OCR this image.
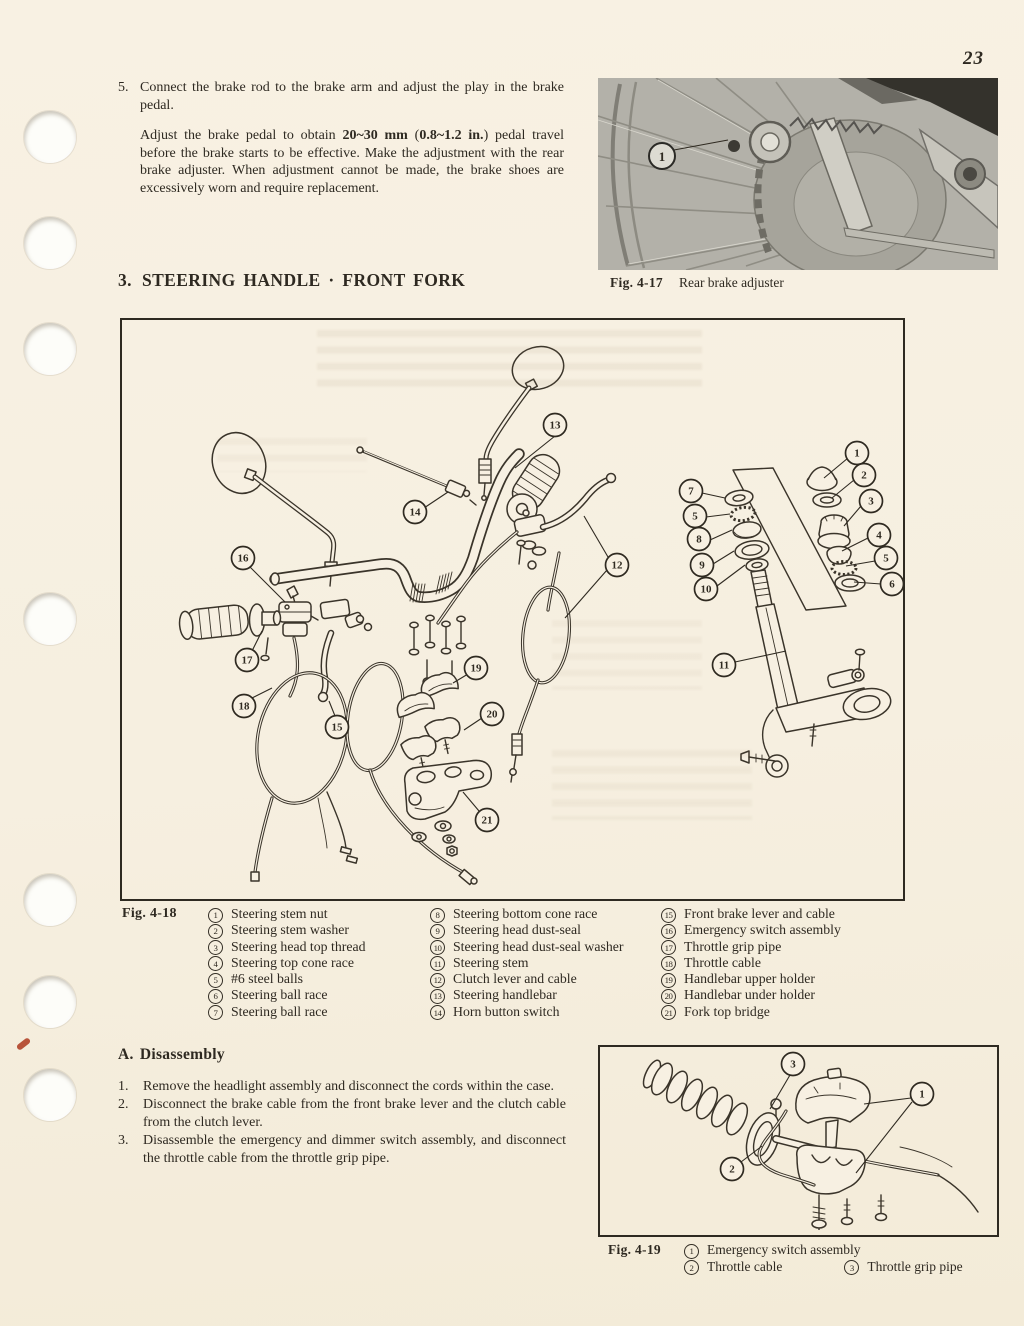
23
5. Connect the brake rod to the brake arm and adjust the play in the brake pedal.

Adjust the brake pedal to obtain 20~30 mm (0.8~1.2 in.) pedal travel before the brake starts to be effective. Make the adjustment with the rear brake adjuster. When adjustment cannot be made, the brake shoes are excessively worn and require replacement.

3. STEERING HANDLE · FRONT FORK
1
Fig. 4-17 Rear brake adjuster
13
14
16
17
18
15
19
20
21
12
11
7
5
8
9
10
1
2
3
4
5
6
Fig. 4-18	1 Steering stem nut
2 Steering stem washer
3 Steering head top thread
4 Steering top cone race
5 #6 steel balls
6 Steering ball race
7 Steering ball race
8 Steering bottom cone race
9 Steering head dust-seal
10 Steering head dust-seal washer
11 Steering stem
12 Clutch lever and cable
13 Steering handlebar
14 Horn button switch
15 Front brake lever and cable
16 Emergency switch assembly
17 Throttle grip pipe
18 Throttle cable
19 Handlebar upper holder
20 Handlebar under holder
21 Fork top bridge
A. Disassembly
1.	Remove the headlight assembly and disconnect the cords within the case.

2.	Disconnect the brake cable from the front brake lever and the clutch cable from the clutch lever.

3.	Disassemble the emergency and dimmer switch assembly, and disconnect the throttle cable from the throttle grip pipe.

3
1
2
Fig. 4-19	1	Emergency switch assembly
2	Throttle cable	3	Throttle grip pipe
